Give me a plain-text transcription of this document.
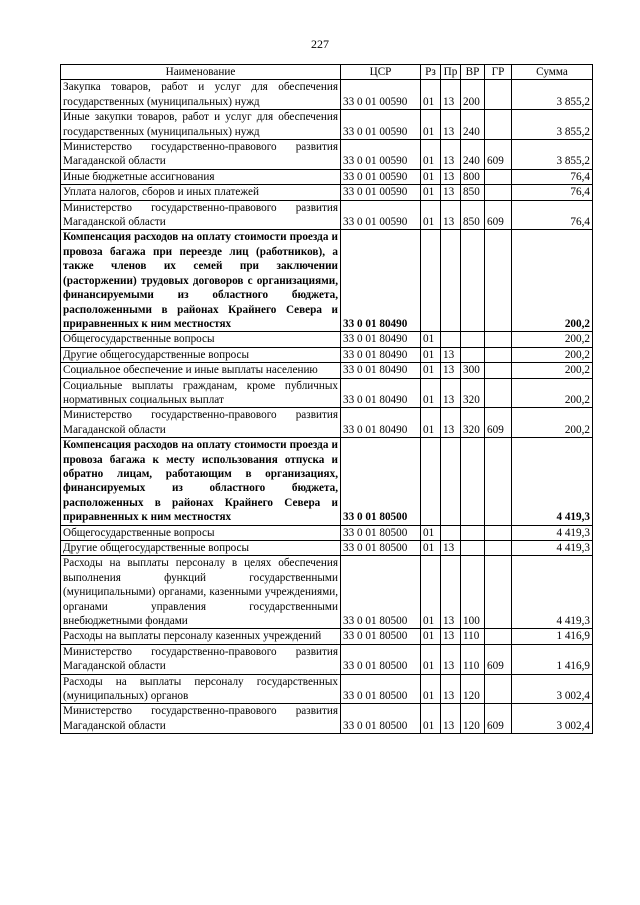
227
Наименование	ЦСР	Рз	Пр	ВР	ГР	Сумма
Закупка товаров, работ и услуг для обеспечения государственных (муниципальных) нужд	33 0 01 00590	01	13	200		3 855,2
Иные закупки товаров, работ и услуг для обеспечения государственных (муниципальных) нужд	33 0 01 00590	01	13	240		3 855,2
Министерство государственно-правового развития Магаданской области	33 0 01 00590	01	13	240	609	3 855,2
Иные бюджетные ассигнования	33 0 01 00590	01	13	800		76,4
Уплата налогов, сборов и иных платежей	33 0 01 00590	01	13	850		76,4
Министерство государственно-правового развития Магаданской области	33 0 01 00590	01	13	850	609	76,4
Компенсация расходов на оплату стоимости проезда и провоза багажа при переезде лиц (работников), а также членов их семей при заключении (расторжении) трудовых договоров с организациями, финансируемыми из областного бюджета, расположенными в районах Крайнего Севера и приравненных к ним местностях	33 0 01 80490					200,2
Общегосударственные вопросы	33 0 01 80490	01				200,2
Другие общегосударственные вопросы	33 0 01 80490	01	13			200,2
Социальное обеспечение и иные выплаты населению	33 0 01 80490	01	13	300		200,2
Социальные выплаты гражданам, кроме публичных нормативных социальных выплат	33 0 01 80490	01	13	320		200,2
Министерство государственно-правового развития Магаданской области	33 0 01 80490	01	13	320	609	200,2
Компенсация расходов на оплату стоимости проезда и провоза багажа к месту использования отпуска и обратно лицам, работающим в организациях, финансируемых из областного бюджета, расположенных в районах Крайнего Севера и приравненных к ним местностях	33 0 01 80500					4 419,3
Общегосударственные вопросы	33 0 01 80500	01				4 419,3
Другие общегосударственные вопросы	33 0 01 80500	01	13			4 419,3
Расходы на выплаты персоналу в целях обеспечения выполнения функций государственными (муниципальными) органами, казенными учреждениями, органами управления государственными внебюджетными фондами	33 0 01 80500	01	13	100		4 419,3
Расходы на выплаты персоналу казенных учреждений	33 0 01 80500	01	13	110		1 416,9
Министерство государственно-правового развития Магаданской области	33 0 01 80500	01	13	110	609	1 416,9
Расходы на выплаты персоналу государственных (муниципальных) органов	33 0 01 80500	01	13	120		3 002,4
Министерство государственно-правового развития Магаданской области	33 0 01 80500	01	13	120	609	3 002,4
